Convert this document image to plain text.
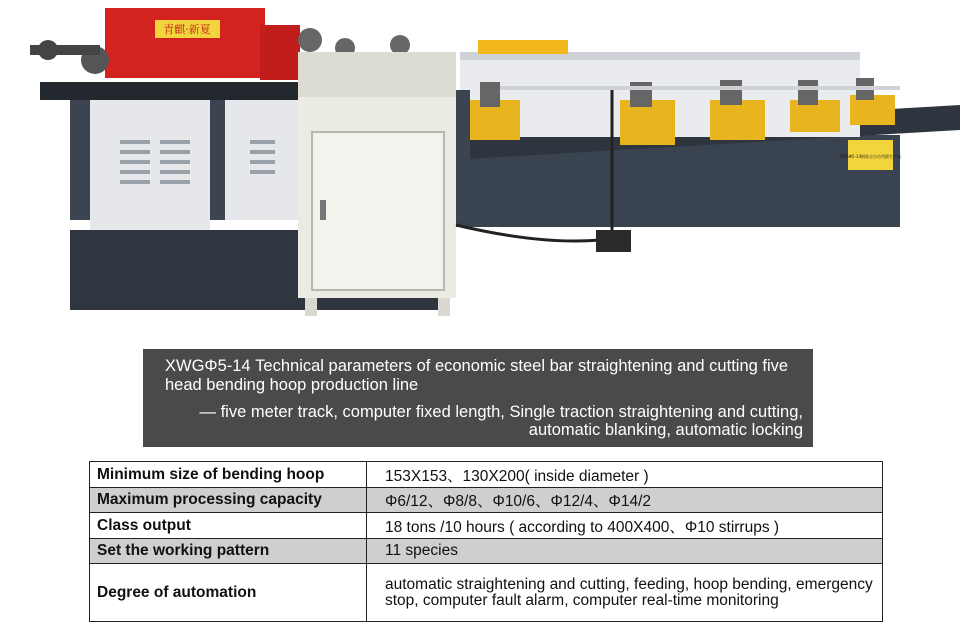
青麒·新夏
XWGΦ5-14钢筋全自动弯箍生产线
XWGΦ5-14 Technical parameters of economic steel bar straightening and cutting five head bending hoop production line
— five meter track, computer fixed length, Single traction straightening and cutting, automatic blanking, automatic locking
Minimum size of bending hoop	153X153、130X200( inside diameter )
Maximum processing capacity	Φ6/12、Φ8/8、Φ10/6、Φ12/4、Φ14/2
Class output	18 tons /10 hours ( according to 400X400、Φ10 stirrups )
Set the working pattern	11 species
Degree of automation	automatic straightening and cutting, feeding, hoop bending, emergency stop, computer fault alarm, computer real-time monitoring
